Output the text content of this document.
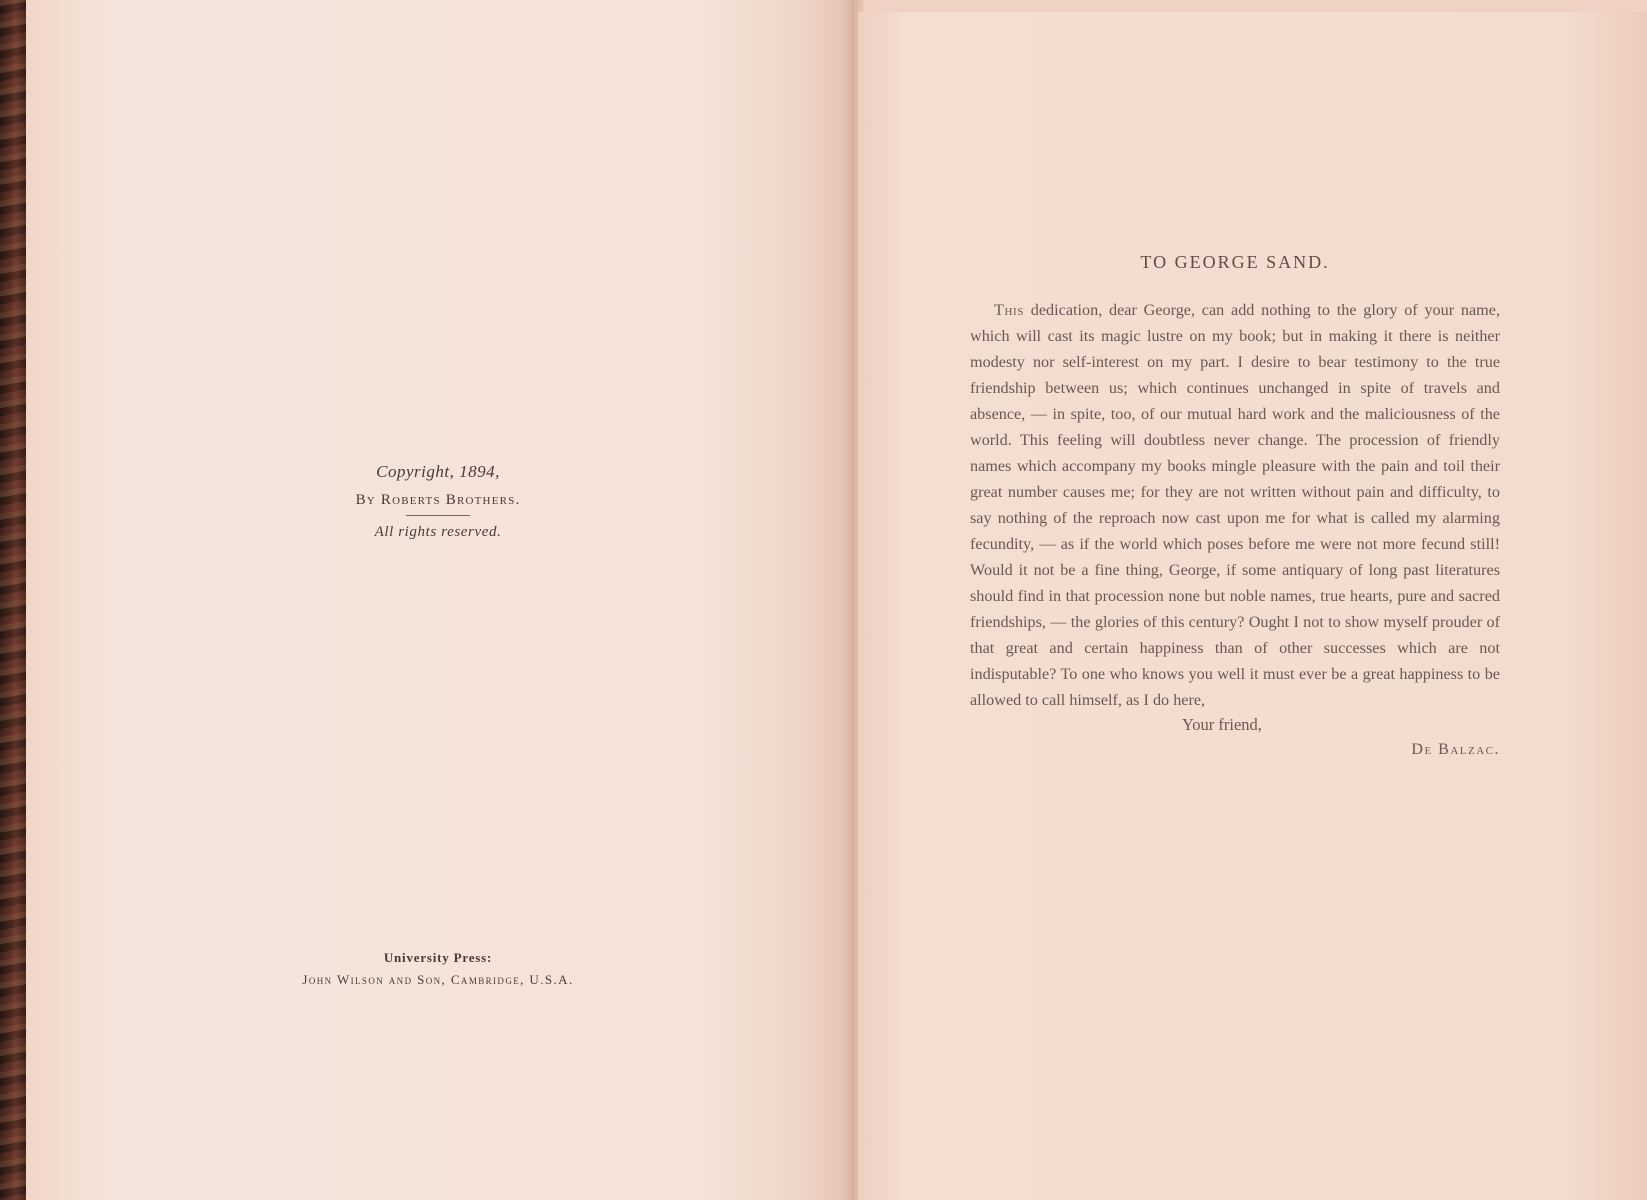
Copyright, 1894,
By Roberts Brothers.
All rights reserved.
University Press:
John Wilson and Son, Cambridge, U.S.A.
TO GEORGE SAND.
This dedication, dear George, can add nothing to the glory of your name, which will cast its magic lustre on my book; but in making it there is neither modesty nor self-interest on my part. I desire to bear testimony to the true friendship between us; which continues unchanged in spite of travels and absence, — in spite, too, of our mutual hard work and the maliciousness of the world. This feeling will doubtless never change. The procession of friendly names which accompany my books mingle pleasure with the pain and toil their great number causes me; for they are not written without pain and difficulty, to say nothing of the reproach now cast upon me for what is called my alarming fecundity, — as if the world which poses before me were not more fecund still! Would it not be a fine thing, George, if some antiquary of long past literatures should find in that procession none but noble names, true hearts, pure and sacred friendships, — the glories of this century? Ought I not to show myself prouder of that great and certain happiness than of other successes which are not indisputable? To one who knows you well it must ever be a great happiness to be allowed to call himself, as I do here,
Your friend,
De Balzac.
